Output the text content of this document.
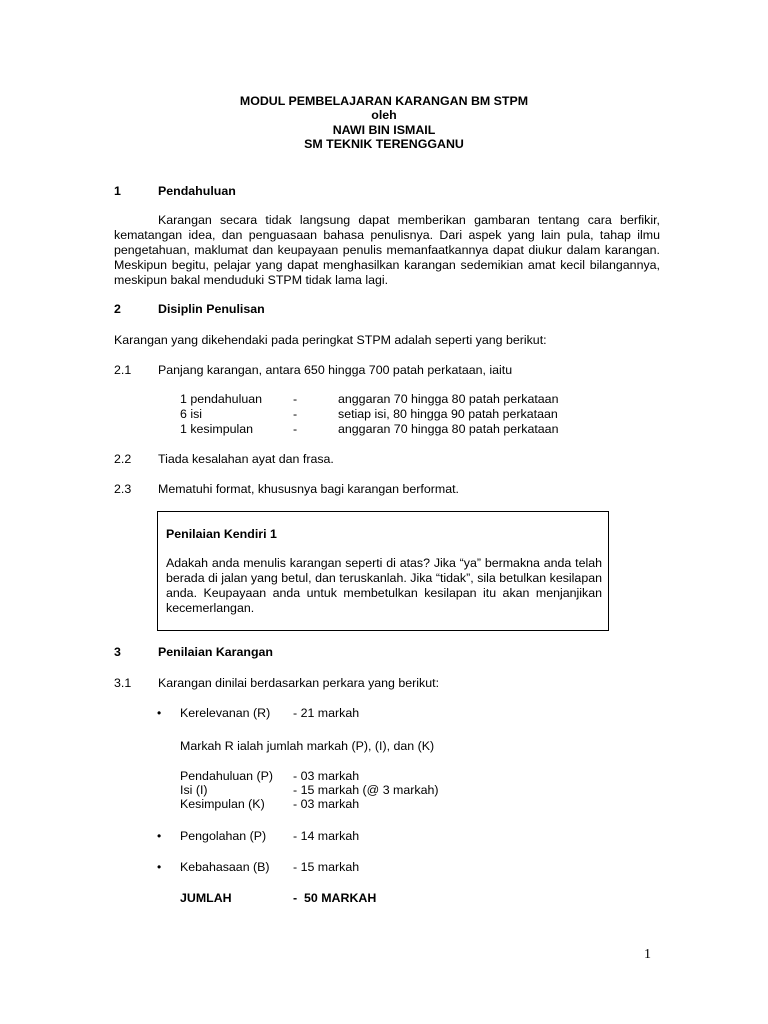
MODUL PEMBELAJARAN KARANGAN BM STPM
oleh
NAWI BIN ISMAIL
SM TEKNIK TERENGGANU
1	Pendahuluan
Karangan secara tidak langsung dapat memberikan gambaran tentang cara berfikir, kematangan idea, dan penguasaan bahasa penulisnya. Dari aspek yang lain pula, tahap ilmu pengetahuan, maklumat dan keupayaan penulis memanfaatkannya dapat diukur dalam karangan. Meskipun begitu, pelajar yang dapat menghasilkan karangan sedemikian amat kecil bilangannya, meskipun bakal menduduki STPM tidak lama lagi.
2	Disiplin Penulisan
Karangan yang dikehendaki pada peringkat STPM adalah seperti yang berikut:
2.1 Panjang karangan, antara 650 hingga 700 patah perkataan, iaitu
1 pendahuluan	-	anggaran 70 hingga 80 patah perkataan
6 isi	-	setiap isi, 80 hingga 90 patah perkataan
1 kesimpulan	-	anggaran 70 hingga 80 patah perkataan
2.2 Tiada kesalahan ayat dan frasa.
2.3 Mematuhi format, khususnya bagi karangan berformat.
Penilaian Kendiri 1
Adakah anda menulis karangan seperti di atas? Jika “ya” bermakna anda telah berada di jalan yang betul, dan teruskanlah. Jika “tidak”, sila betulkan kesilapan anda. Keupayaan anda untuk membetulkan kesilapan itu akan menjanjikan kecemerlangan.
3	Penilaian Karangan
3.1 Karangan dinilai berdasarkan perkara yang berikut:
• Kerelevanan (R) - 21 markah
Markah R ialah jumlah markah (P), (I), dan (K)
Pendahuluan (P) - 03 markah
Isi (I)	- 15 markah (@ 3 markah)
Kesimpulan (K) - 03 markah
• Pengolahan (P) - 14 markah
• Kebahasaan (B) - 15 markah
JUMLAH	- 50 MARKAH
1
